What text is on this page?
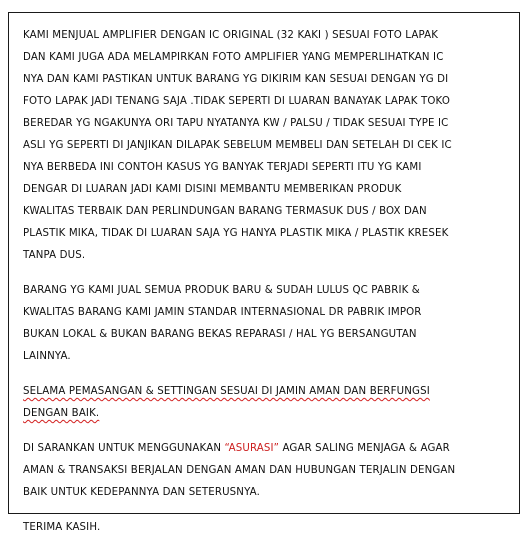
KAMI MENJUAL AMPLIFIER DENGAN IC ORIGINAL (32 KAKI ) SESUAI FOTO LAPAK
DAN KAMI JUGA ADA MELAMPIRKAN FOTO AMPLIFIER YANG MEMPERLIHATKAN IC
NYA DAN KAMI PASTIKAN UNTUK BARANG YG DIKIRIM KAN SESUAI DENGAN YG DI
FOTO LAPAK JADI TENANG SAJA .TIDAK SEPERTI DI LUARAN BANAYAK LAPAK TOKO
BEREDAR YG NGAKUNYA ORI TAPU NYATANYA KW / PALSU / TIDAK SESUAI TYPE IC
ASLI YG SEPERTI DI JANJIKAN DILAPAK SEBELUM MEMBELI DAN SETELAH DI CEK IC
NYA BERBEDA INI CONTOH KASUS YG BANYAK TERJADI SEPERTI ITU YG KAMI
DENGAR DI LUARAN JADI KAMI DISINI MEMBANTU MEMBERIKAN PRODUK
KWALITAS TERBAIK DAN PERLINDUNGAN BARANG TERMASUK DUS / BOX DAN
PLASTIK MIKA, TIDAK DI LUARAN SAJA YG HANYA PLASTIK MIKA / PLASTIK KRESEK
TANPA DUS.
BARANG YG KAMI JUAL SEMUA PRODUK BARU & SUDAH LULUS QC PABRIK &
KWALITAS BARANG KAMI JAMIN STANDAR INTERNASIONAL DR PABRIK IMPOR
BUKAN LOKAL & BUKAN BARANG BEKAS REPARASI / HAL YG BERSANGUTAN
LAINNYA.
SELAMA PEMASANGAN & SETTINGAN SESUAI DI JAMIN AMAN DAN BERFUNGSI
DENGAN BAIK.
DI SARANKAN UNTUK MENGGUNAKAN “ASURASI” AGAR SALING MENJAGA & AGAR
AMAN & TRANSAKSI BERJALAN DENGAN AMAN DAN HUBUNGAN TERJALIN DENGAN
BAIK UNTUK KEDEPANNYA DAN SETERUSNYA.
TERIMA KASIH.
